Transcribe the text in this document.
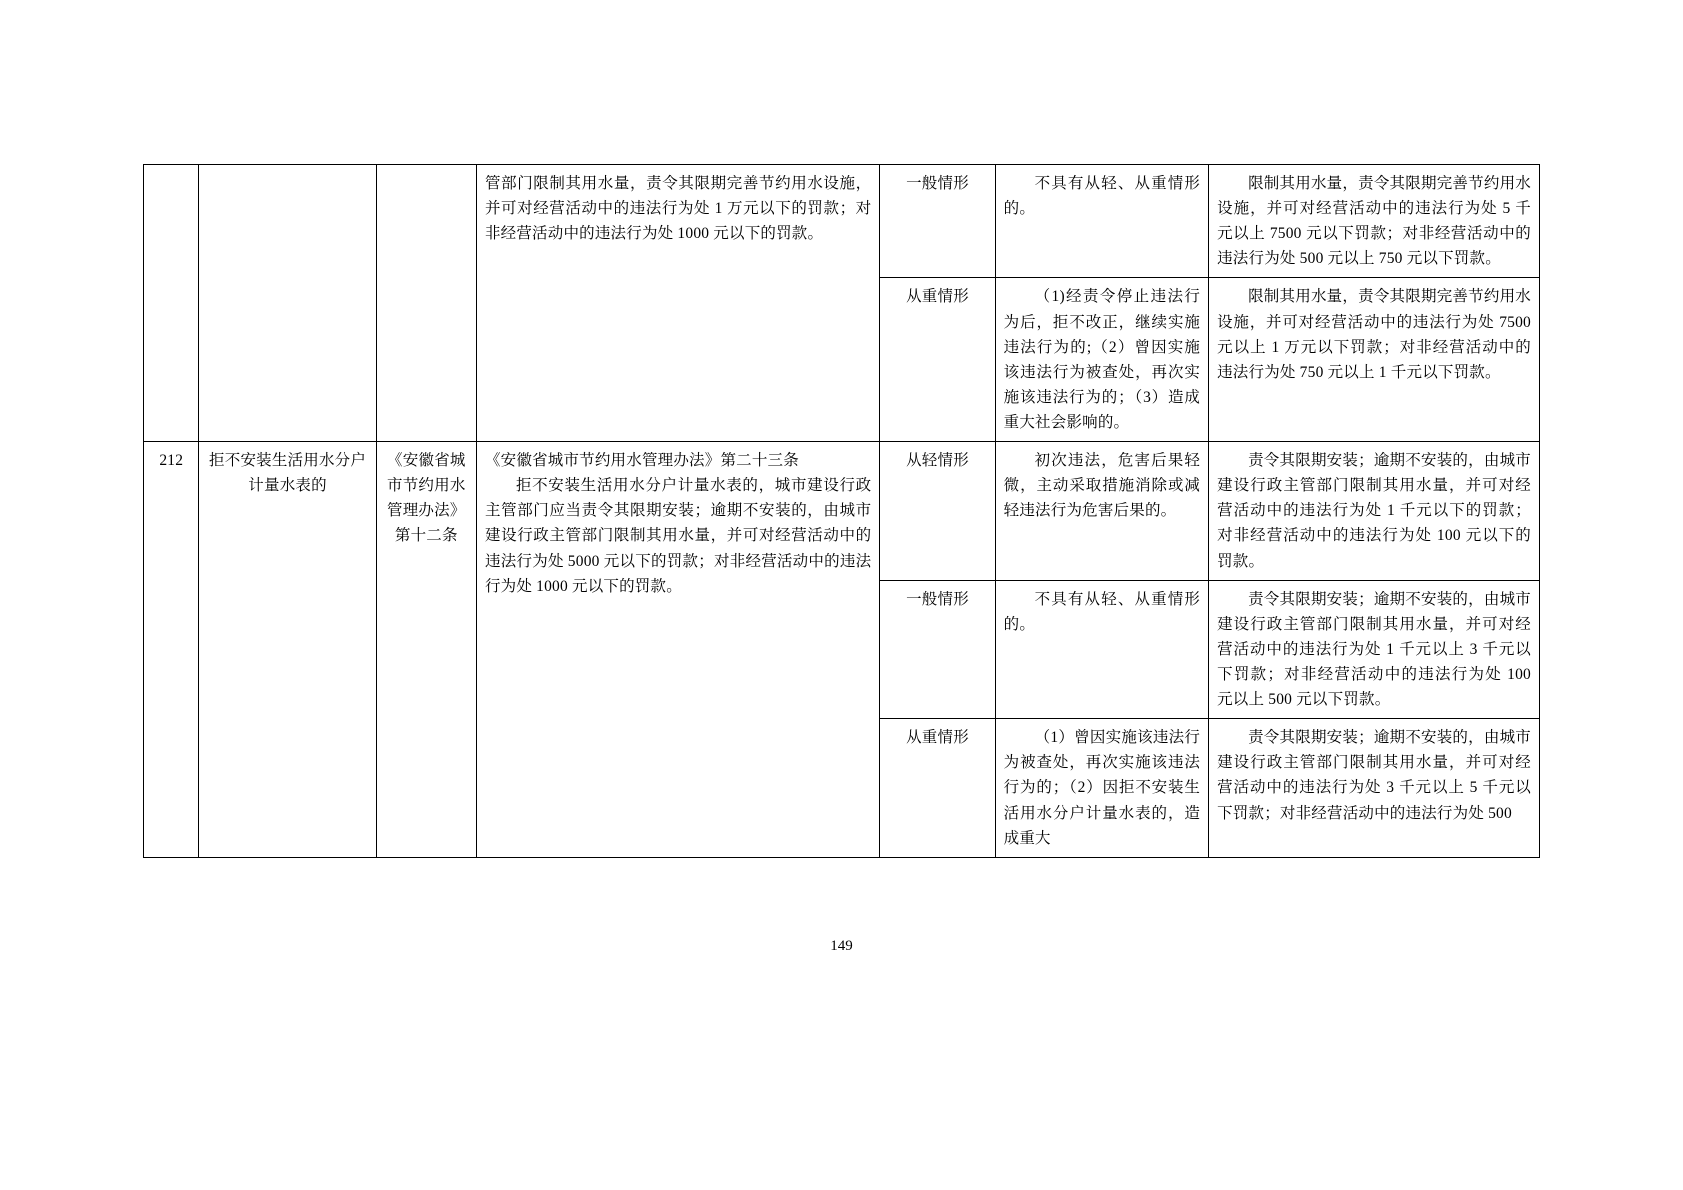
			管部门限制其用水量，责令其限期完善节约用水设施，并可对经营活动中的违法行为处 1 万元以下的罚款；对非经营活动中的违法行为处 1000 元以下的罚款。	一般情形	不具有从轻、从重情形的。	限制其用水量，责令其限期完善节约用水设施，并可对经营活动中的违法行为处 5 千元以上 7500 元以下罚款；对非经营活动中的违法行为处 500 元以上 750 元以下罚款。
				从重情形	（1)经责令停止违法行为后，拒不改正，继续实施违法行为的;（2）曾因实施该违法行为被查处，再次实施该违法行为的；（3）造成重大社会影响的。	限制其用水量，责令其限期完善节约用水设施，并可对经营活动中的违法行为处 7500 元以上 1 万元以下罚款；对非经营活动中的违法行为处 750 元以上 1 千元以下罚款。
212	拒不安装生活用水分户计量水表的	《安徽省城市节约用水管理办法》第十二条	《安徽省城市节约用水管理办法》第二十三条
拒不安装生活用水分户计量水表的，城市建设行政主管部门应当责令其限期安装；逾期不安装的，由城市建设行政主管部门限制其用水量，并可对经营活动中的违法行为处 5000 元以下的罚款；对非经营活动中的违法行为处 1000 元以下的罚款。	从轻情形	初次违法，危害后果轻微，主动采取措施消除或减轻违法行为危害后果的。	责令其限期安装；逾期不安装的，由城市建设行政主管部门限制其用水量，并可对经营活动中的违法行为处 1 千元以下的罚款；对非经营活动中的违法行为处 100 元以下的罚款。
				一般情形	不具有从轻、从重情形的。	责令其限期安装；逾期不安装的，由城市建设行政主管部门限制其用水量，并可对经营活动中的违法行为处 1 千元以上 3 千元以下罚款；对非经营活动中的违法行为处 100 元以上 500 元以下罚款。
				从重情形	（1）曾因实施该违法行为被查处，再次实施该违法行为的；（2）因拒不安装生活用水分户计量水表的，造成重大	责令其限期安装；逾期不安装的，由城市建设行政主管部门限制其用水量，并可对经营活动中的违法行为处 3 千元以上 5 千元以下罚款；对非经营活动中的违法行为处 500
149
